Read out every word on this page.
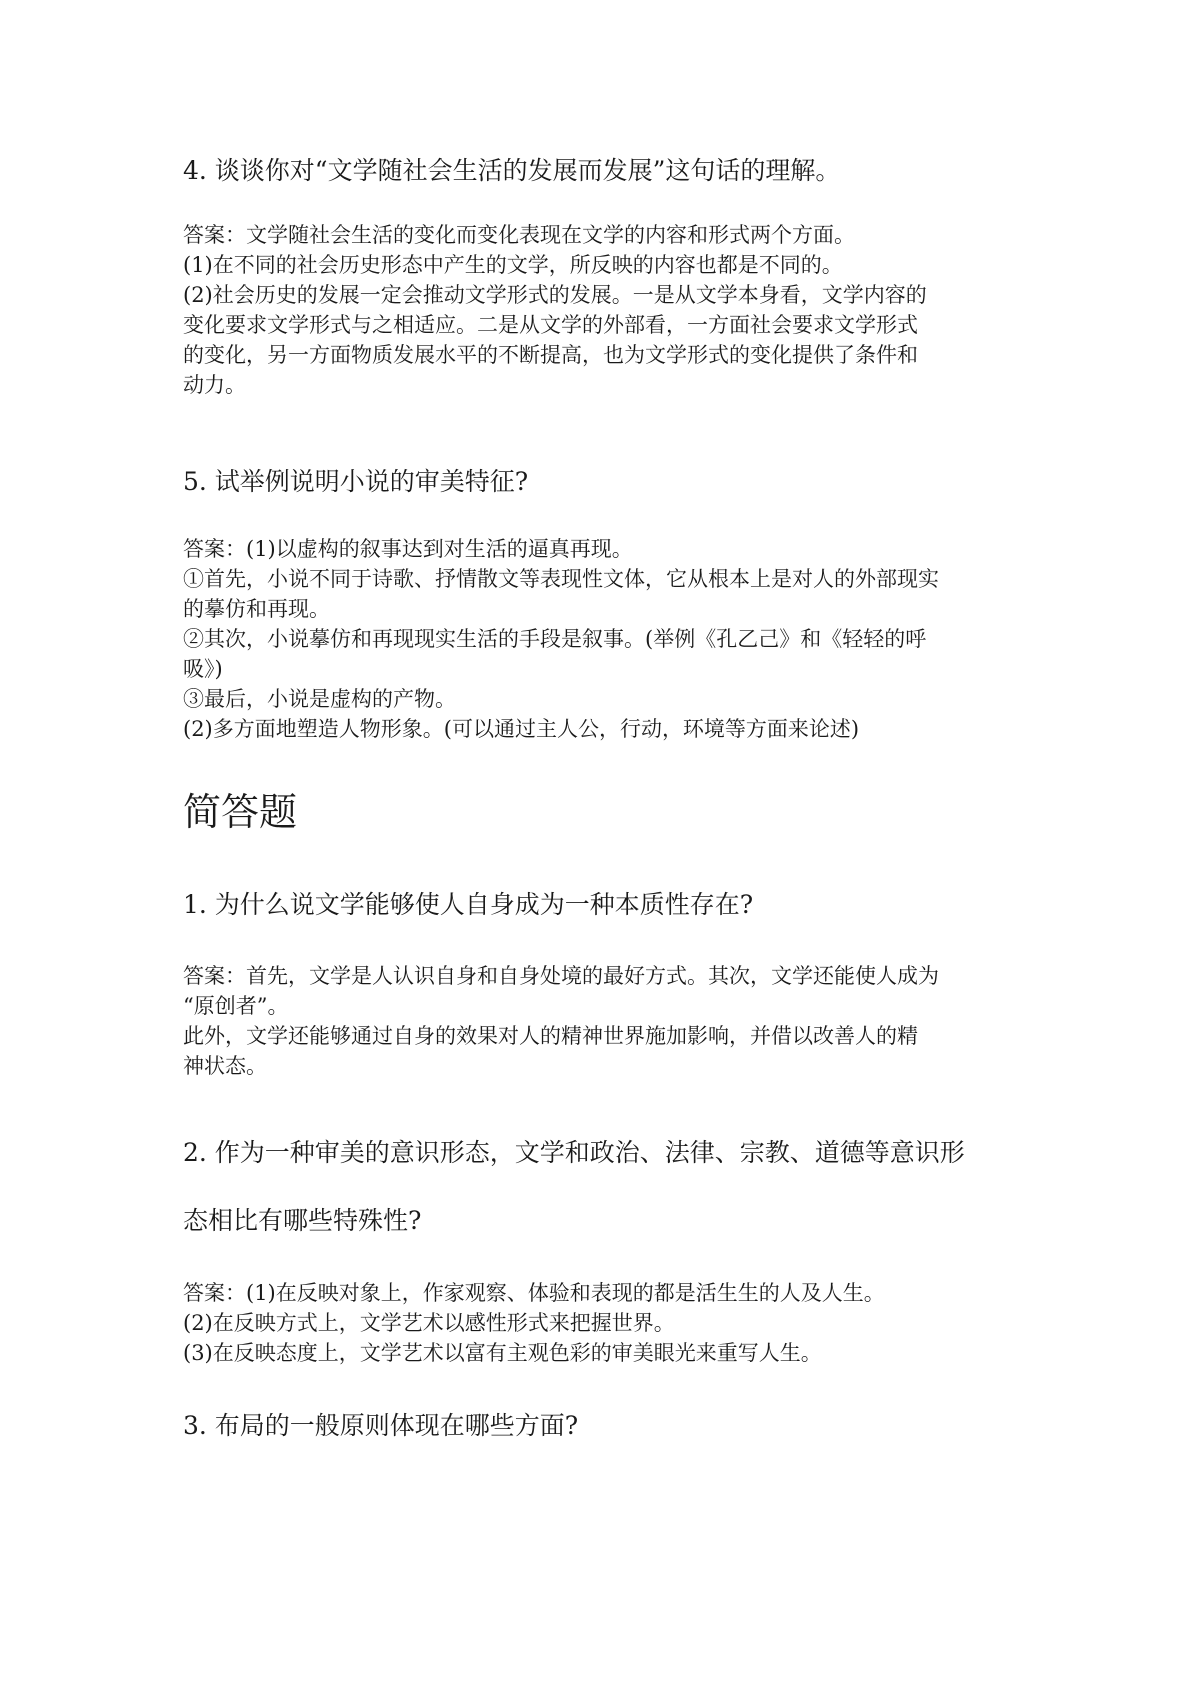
4. 谈谈你对“文学随社会生活的发展而发展”这句话的理解。

答案：文学随社会生活的变化而变化表现在文学的内容和形式两个方面。

(1)在不同的社会历史形态中产生的文学，所反映的内容也都是不同的。

(2)社会历史的发展一定会推动文学形式的发展。一是从文学本身看，文学内容的

变化要求文学形式与之相适应。二是从文学的外部看，一方面社会要求文学形式

的变化，另一方面物质发展水平的不断提高，也为文学形式的变化提供了条件和

动力。

5. 试举例说明小说的审美特征?

答案：(1)以虚构的叙事达到对生活的逼真再现。

①首先，小说不同于诗歌、抒情散文等表现性文体，它从根本上是对人的外部现实

的摹仿和再现。

②其次，小说摹仿和再现现实生活的手段是叙事。(举例《孔乙己》和《轻轻的呼

吸》)

③最后，小说是虚构的产物。

(2)多方面地塑造人物形象。(可以通过主人公，行动，环境等方面来论述)

简答题
1. 为什么说文学能够使人自身成为一种本质性存在?

答案：首先，文学是人认识自身和自身处境的最好方式。其次，文学还能使人成为

“原创者”。

此外，文学还能够通过自身的效果对人的精神世界施加影响，并借以改善人的精

神状态。

2. 作为一种审美的意识形态，文学和政治、法律、宗教、道德等意识形
态相比有哪些特殊性?

答案：(1)在反映对象上，作家观察、体验和表现的都是活生生的人及人生。

(2)在反映方式上，文学艺术以感性形式来把握世界。

(3)在反映态度上，文学艺术以富有主观色彩的审美眼光来重写人生。

3. 布局的一般原则体现在哪些方面?
